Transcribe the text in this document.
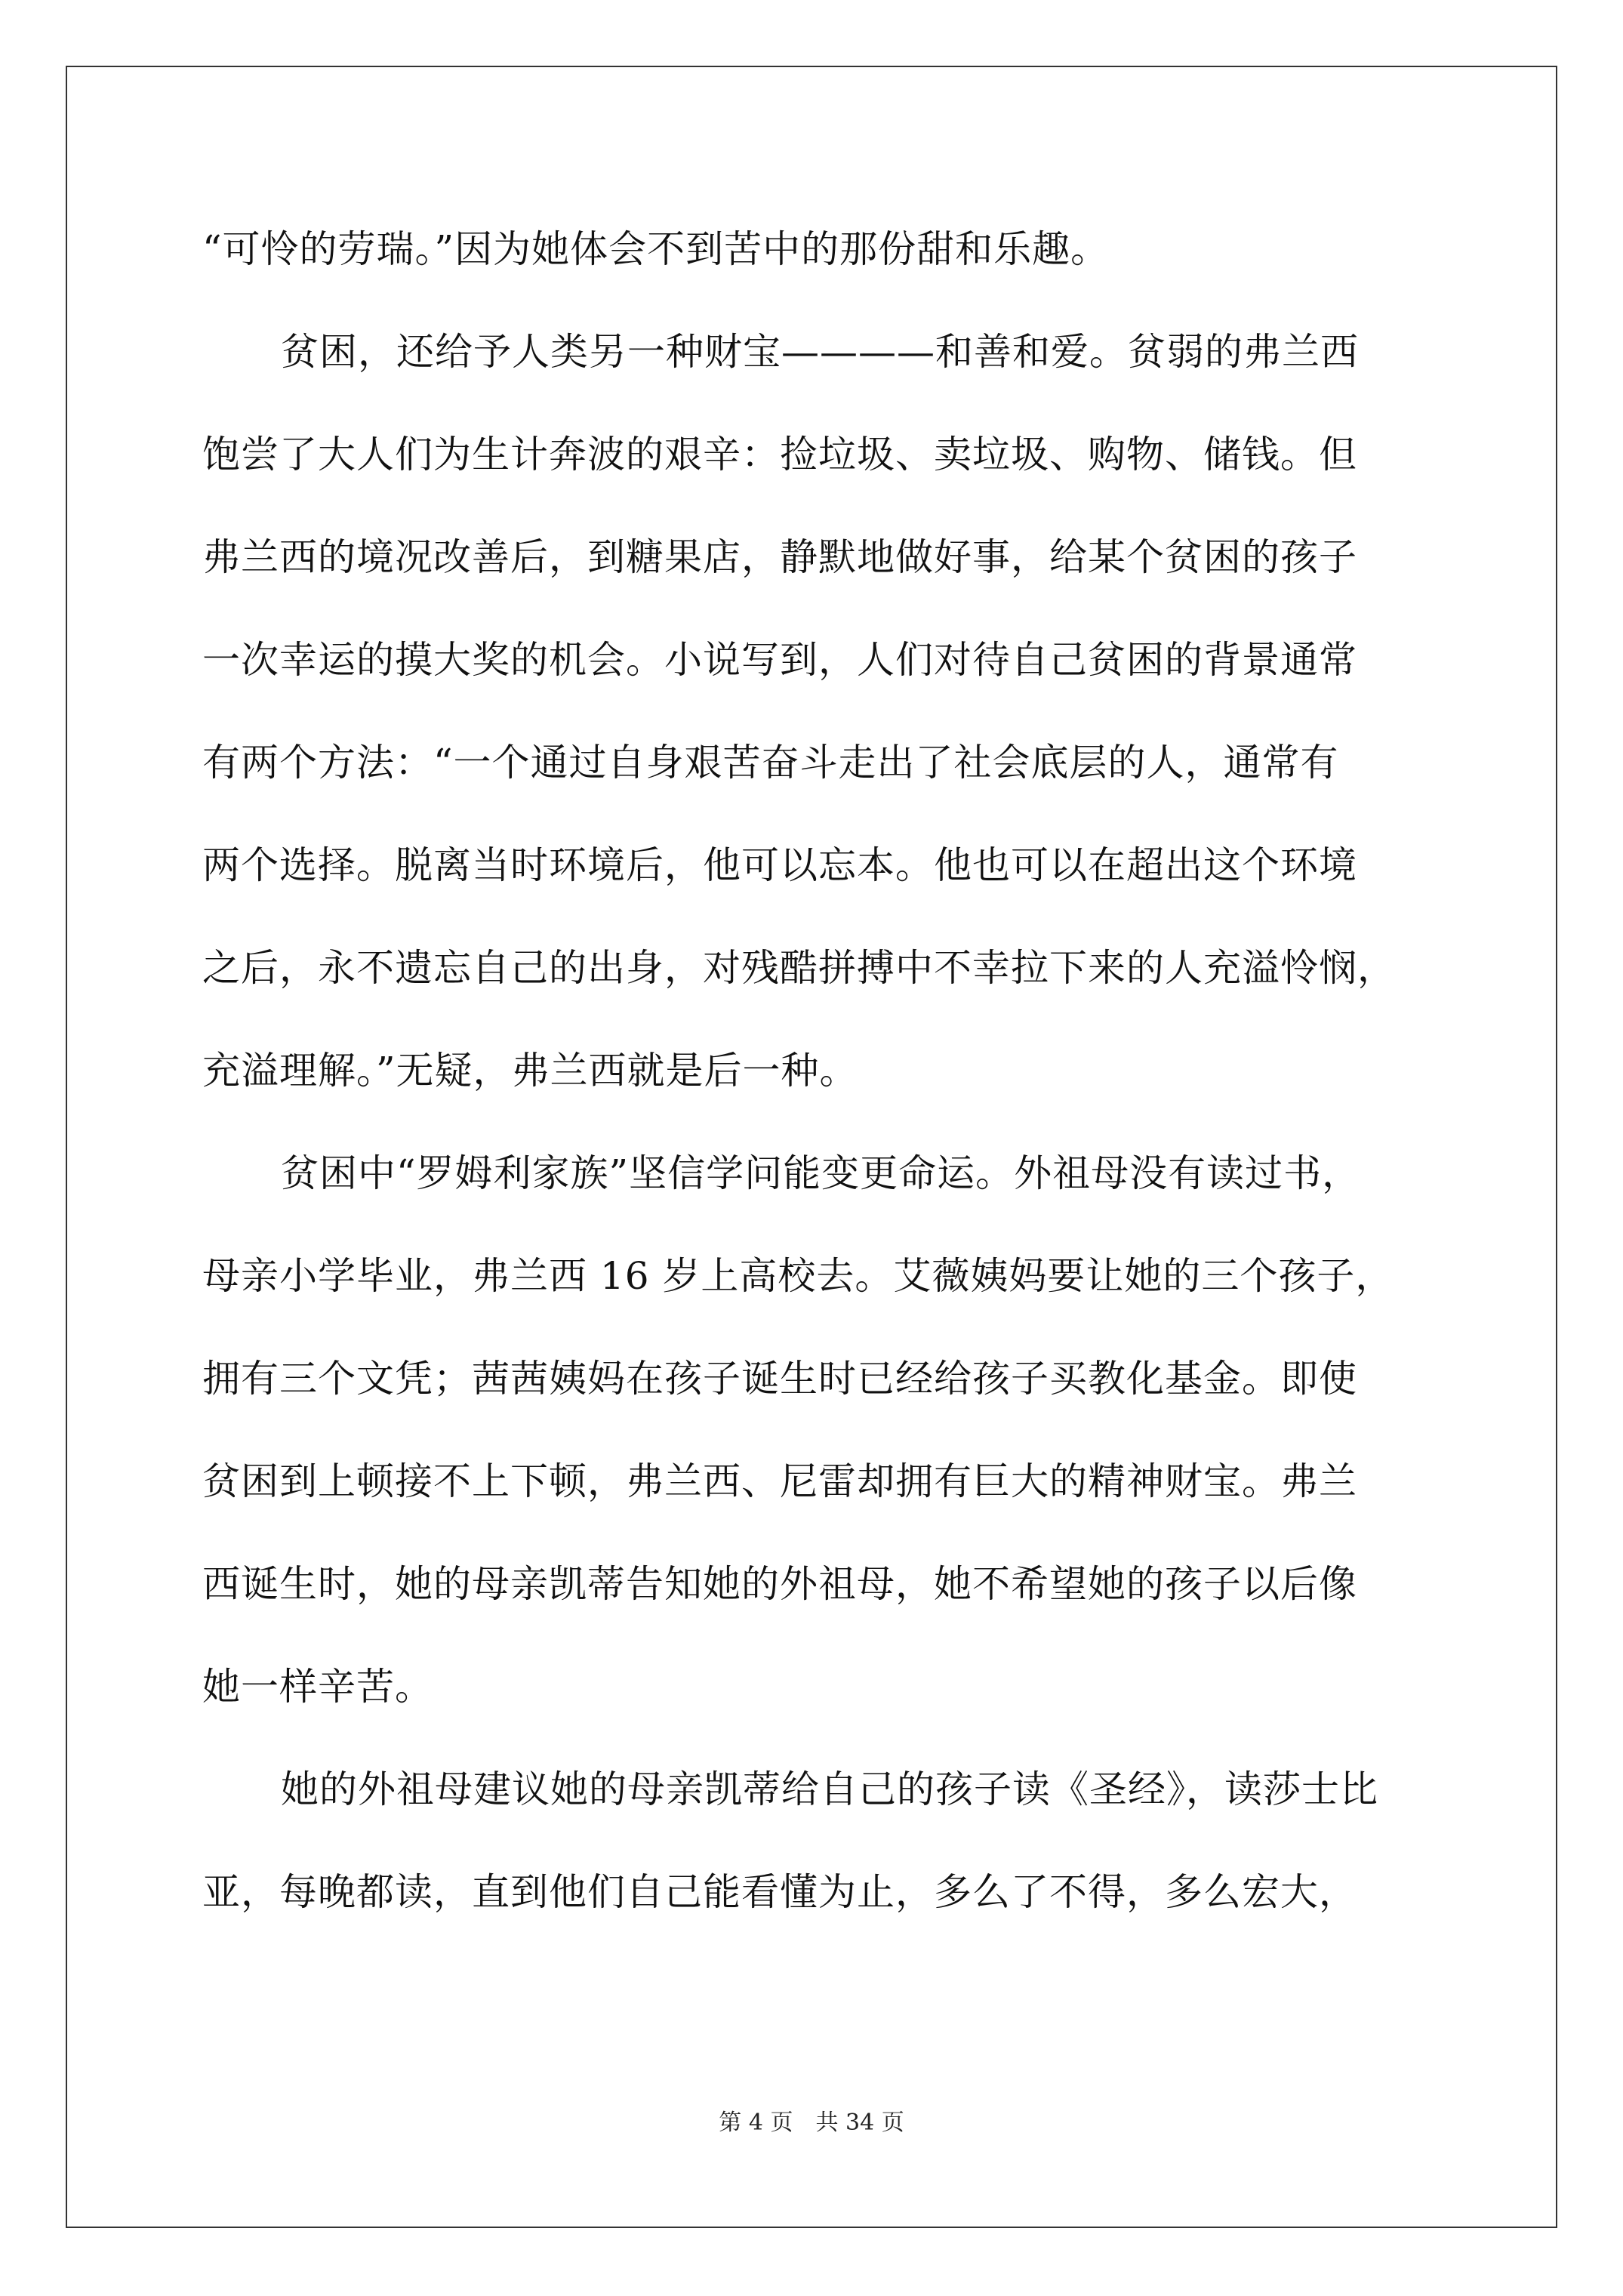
“可怜的劳瑞。”因为她体会不到苦中的那份甜和乐趣。
贫困，还给予人类另一种财宝————和善和爱。贫弱的弗兰西
饱尝了大人们为生计奔波的艰辛：捡垃圾、卖垃圾、购物、储钱。但
弗兰西的境况改善后，到糖果店，静默地做好事，给某个贫困的孩子
一次幸运的摸大奖的机会。小说写到，人们对待自己贫困的背景通常
有两个方法：“一个通过自身艰苦奋斗走出了社会底层的人，通常有
两个选择。脱离当时环境后，他可以忘本。他也可以在超出这个环境
之后，永不遗忘自己的出身，对残酷拼搏中不幸拉下来的人充溢怜悯，
充溢理解。”无疑，弗兰西就是后一种。
贫困中“罗姆利家族”坚信学问能变更命运。外祖母没有读过书，
母亲小学毕业，弗兰西 16 岁上高校去。艾薇姨妈要让她的三个孩子，
拥有三个文凭；茜茜姨妈在孩子诞生时已经给孩子买教化基金。即使
贫困到上顿接不上下顿，弗兰西、尼雷却拥有巨大的精神财宝。弗兰
西诞生时，她的母亲凯蒂告知她的外祖母，她不希望她的孩子以后像
她一样辛苦。
她的外祖母建议她的母亲凯蒂给自己的孩子读《圣经》，读莎士比
亚，每晚都读，直到他们自己能看懂为止，多么了不得，多么宏大，
第 4 页　共 34 页
